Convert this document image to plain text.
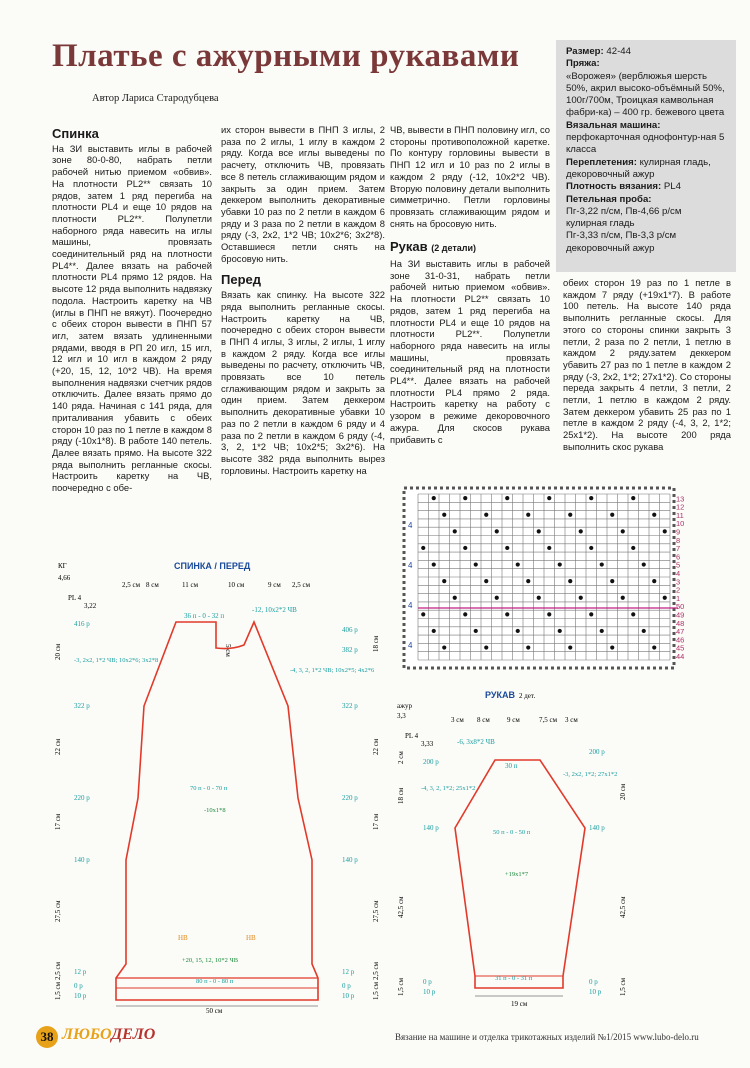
Платье с ажурными рукавами
Автор Лариса Стародубцева
Размер: 42-44
Пряжа:
«Ворожея» (верблюжья шерсть 50%, акрил высоко-объёмный 50%, 100г/700м, Троицкая камвольная фабри-ка) – 400 гр. бежевого цвета
Вязальная машина:
перфокарточная однофонтур-ная 5 класса
Переплетения: кулирная гладь, декоровочный ажур
Плотность вязания: PL4
Петельная проба:
Пг-3,22 п/см, Пв-4,66 р/см
кулирная гладь
Пг-3,33 п/см, Пв-3,3 р/см декоровочный ажур
Спинка

На ЗИ выставить иглы в рабочей зоне 80-0-80, набрать петли рабочей нитью приемом «обвив». На плотности PL2** связать 10 рядов, затем 1 ряд перегиба на плотности PL4 и еще 10 рядов на плотности PL2**. Полупетли наборного ряда навесить на иглы машины, провязать соединительный ряд на плотности PL4**. Далее вязать на рабочей плотности PL4 прямо 12 рядов. На высоте 12 ряда выполнить надвязку подола. Настроить каретку на ЧВ (иглы в ПНП не вяжут). Поочередно с обеих сторон вывести в ПНП 57 игл, затем вязать удлиненными рядами, вводя в РП 20 игл, 15 игл, 12 игл и 10 игл в каждом 2 ряду (+20, 15, 12, 10*2 ЧВ). На время выполнения надвязки счетчик рядов отключить. Далее вязать прямо до 140 ряда. Начиная с 141 ряда, для приталивания убавить с обеих сторон 10 раз по 1 петле в каждом 8 ряду (-10х1*8). В работе 140 петель. Далее вязать прямо. На высоте 322 ряда выполнить регланные скосы. Настроить каретку на ЧВ, поочередно с обе-

их сторон вывести в ПНП 3 иглы, 2 раза по 2 иглы, 1 иглу в каждом 2 ряду. Когда все иглы выведены по расчету, отключить ЧВ, провязать все 8 петель сглаживающим рядом и закрыть за один прием. Затем деккером выполнить декоративные убавки 10 раз по 2 петли в каждом 6 ряду и 3 раза по 2 петли в каждом 8 ряду (-3, 2х2, 1*2 ЧВ; 10х2*6; 3х2*8). Оставшиеся петли снять на бросовую нить.

Перед

Вязать как спинку. На высоте 322 ряда выполнить регланные скосы. Настроить каретку на ЧВ, поочередно с обеих сторон вывести в ПНП 4 иглы, 3 иглы, 2 иглы, 1 иглу в каждом 2 ряду. Когда все иглы выведены по расчету, отключить ЧВ, провязать все 10 петель сглаживающим рядом и закрыть за один прием. Затем деккером выполнить декоративные убавки 10 раз по 2 петли в каждом 6 ряду и 4 раза по 2 петли в каждом 6 ряду (-4, 3, 2, 1*2 ЧВ; 10х2*5; 3х2*6). На высоте 382 ряда выполнить вырез горловины. Настроить каретку на

ЧВ, вывести в ПНП половину игл, со стороны противоположной каретке. По контуру горловины вывести в ПНП 12 игл и 10 раз по 2 иглы в каждом 2 ряду (-12, 10х2*2 ЧВ). Вторую половину детали выполнить симметрично. Петли горловины провязать сглаживающим рядом и снять на бросовую нить.

Рукав (2 детали)

На ЗИ выставить иглы в рабочей зоне 31-0-31, набрать петли рабочей нитью приемом «обвив». На плотности PL2** связать 10 рядов, затем 1 ряд перегиба на плотности PL4 и еще 10 рядов на плотности PL2**. Полупетли наборного ряда навесить на иглы машины, провязать соединительный ряд на плотности PL4**. Далее вязать на рабочей плотности PL4 прямо 2 ряда. Настроить каретку на работу с узором в режиме декоровочного ажура. Для скосов рукава прибавить с

обеих сторон 19 раз по 1 петле в каждом 7 ряду (+19х1*7). В работе 100 петель. На высоте 140 ряда выполнить регланные скосы. Для этого со стороны спинки закрыть 3 петли, 2 раза по 2 петли, 1 петлю в каждом 2 ряду.затем деккером убавить 27 раз по 1 петле в каждом 2 ряду (-3, 2х2, 1*2; 27х1*2). Со стороны переда закрыть 4 петли, 3 петли, 2 петли, 1 петлю в каждом 2 ряду. Затем деккером убавить 25 раз по 1 петле в каждом 2 ряду (-4, 3, 2, 1*2; 25х1*2). На высоте 200 ряда выполнить скос рукава

13
12
11
10
9
8
7
6
5
4
3
2
1
50
49
48
47
46
45
44
4
4
4
4
СПИНКА / ПЕРЕД
КГ
4,66
PL 4
3,22
2,5 см 8 см	11 см	10 см	9 см 2,5 см
36 п - 0 - 32 п
-12, 10х2*2 ЧВ
5 см
416 р
322 р
220 р
140 р
12 р
0 р
10 р
406 р
382 р
322 р
220 р
140 р
12 р
0 р
10 р
20 см
22 см
17 см
27,5 см
2,5 см
1,5 см
18 см
22 см
17 см
27,5 см
2,5 см
1,5 см
-3, 2х2, 1*2 ЧВ; 10х2*6; 3х2*8
-4, 3, 2, 1*2 ЧВ; 10х2*5; 4х2*6
70 п - 0 - 70 п
-10х1*8
+20, 15, 12, 10*2 ЧВ
80 п - 0 - 80 п
НВ	НВ
50 см
РУКАВ 2 дет.
ажур
3,3
PL 4
3,33
3 см 8 см 9 см	7,5 см 3 см
-6, 3х8*2 ЧВ
30 п
200 р
140 р
0 р
10 р
200 р
140 р
0 р
10 р
2 см
18 см
42,5 см
1,5 см
20 см
42,5 см
1,5 см
-4, 3, 2, 1*2; 25х1*2
-3, 2х2, 1*2; 27х1*2
50 п - 0 - 50 п
+19х1*7
31 п - 0 - 31 п
19 см
38 ЛЮБОДЕЛО	Вязание на машине и отделка трикотажных изделий №1/2015 www.lubo-delo.ru
